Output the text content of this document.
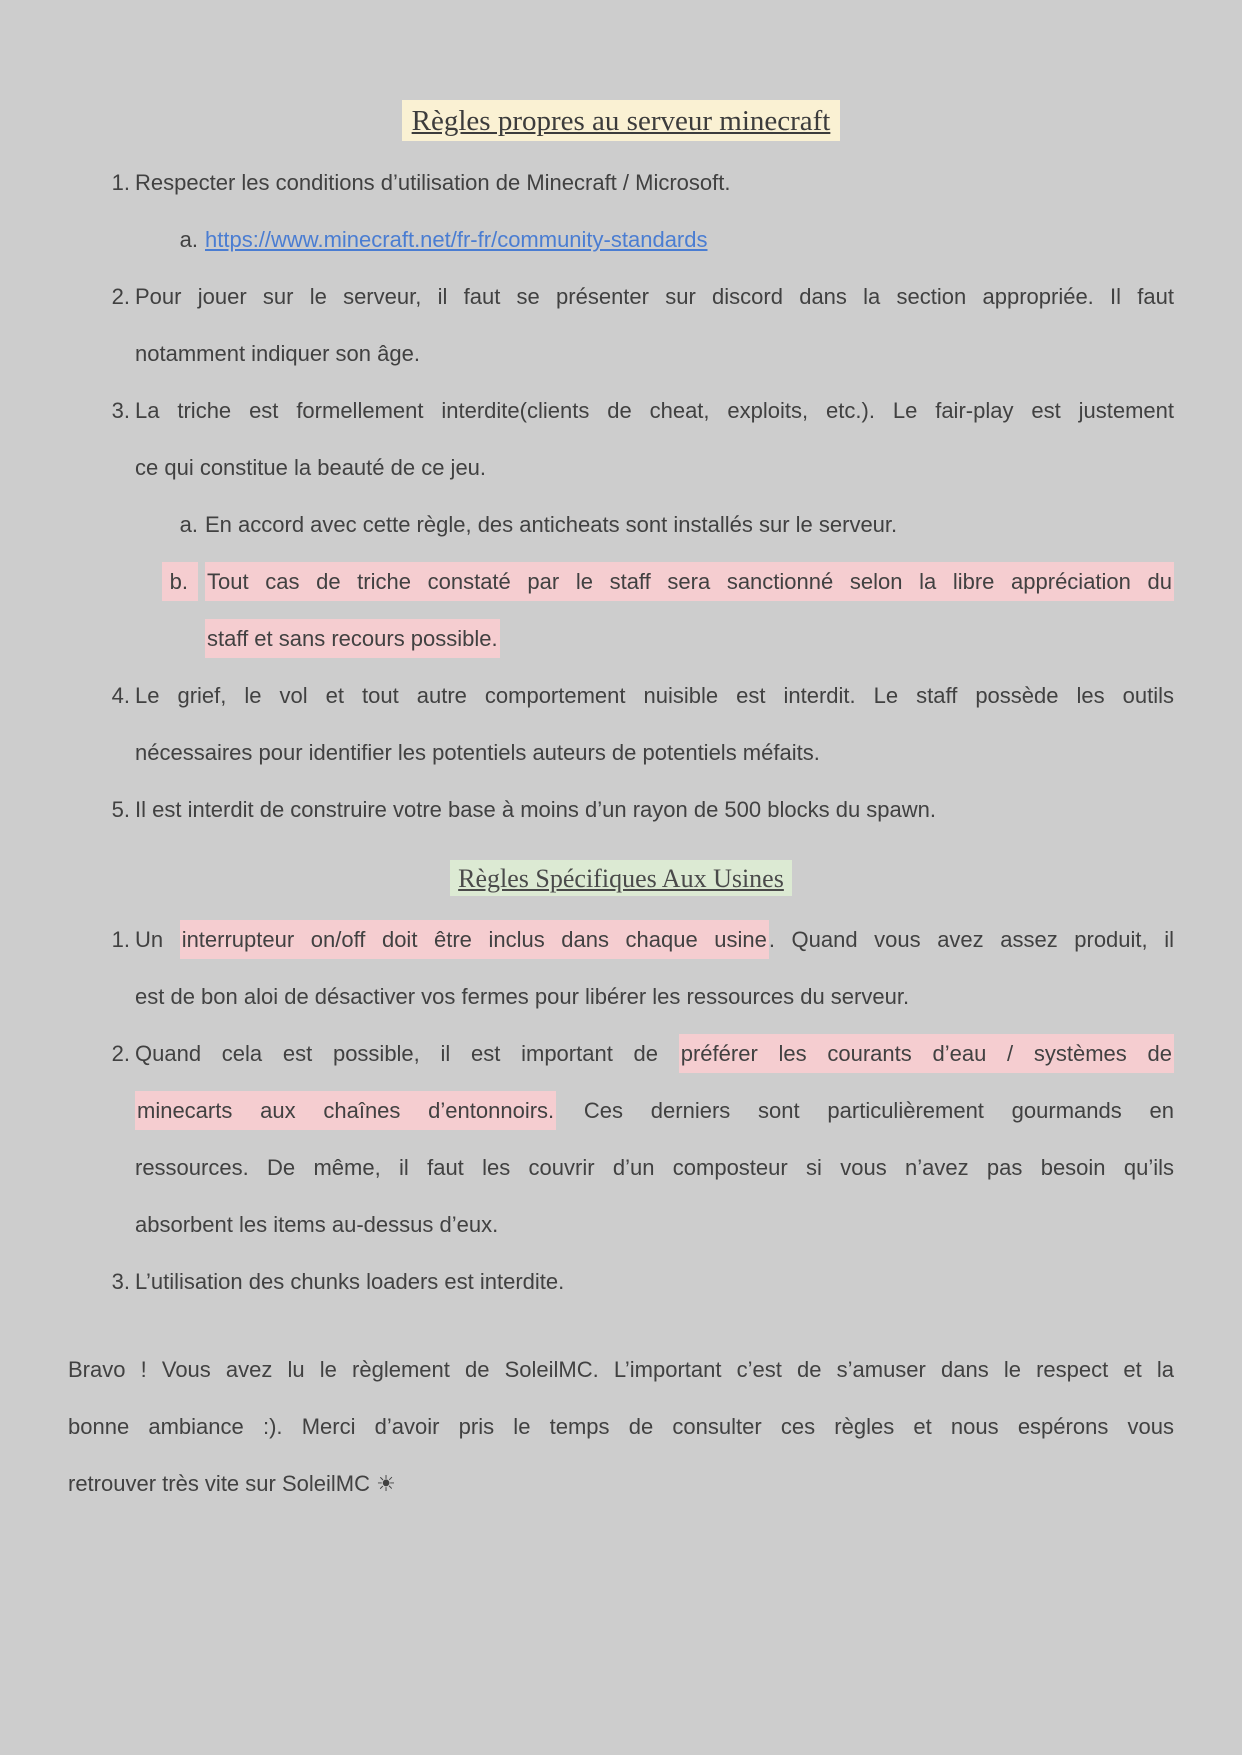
Règles propres au serveur minecraft
1. Respecter les conditions d’utilisation de Minecraft / Microsoft.
a. https://www.minecraft.net/fr-fr/community-standards
2. Pour jouer sur le serveur, il faut se présenter sur discord dans la section appropriée. Il faut
notamment indiquer son âge.
3. La triche est formellement interdite(clients de cheat, exploits, etc.). Le fair-play est justement
ce qui constitue la beauté de ce jeu.
a. En accord avec cette règle, des anticheats sont installés sur le serveur.
b. Tout cas de triche constaté par le staff sera sanctionné selon la libre appréciation du
staff et sans recours possible.
4. Le grief, le vol et tout autre comportement nuisible est interdit. Le staff possède les outils
nécessaires pour identifier les potentiels auteurs de potentiels méfaits.
5. Il est interdit de construire votre base à moins d’un rayon de 500 blocks du spawn.
Règles Spécifiques Aux Usines
1. Un interrupteur on/off doit être inclus dans chaque usine. Quand vous avez assez produit, il
est de bon aloi de désactiver vos fermes pour libérer les ressources du serveur.
2. Quand cela est possible, il est important de préférer les courants d’eau / systèmes de
minecarts aux chaînes d’entonnoirs. Ces derniers sont particulièrement gourmands en
ressources. De même, il faut les couvrir d’un composteur si vous n’avez pas besoin qu’ils
absorbent les items au-dessus d’eux.
3. L’utilisation des chunks loaders est interdite.
Bravo ! Vous avez lu le règlement de SoleilMC. L’important c’est de s’amuser dans le respect et la
bonne ambiance :). Merci d’avoir pris le temps de consulter ces règles et nous espérons vous
retrouver très vite sur SoleilMC ☀
